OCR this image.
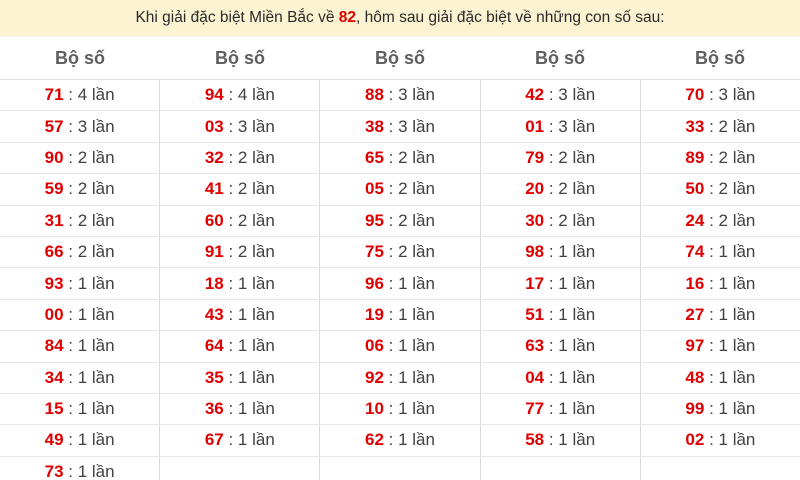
Khi giải đặc biệt Miền Bắc về 82 , hôm sau giải đặc biệt về những con số sau:
Bộ số	Bộ số	Bộ số	Bộ số	Bộ số
71 : 4 lần	94 : 4 lần	88 : 3 lần	42 : 3 lần	70 : 3 lần
57 : 3 lần	03 : 3 lần	38 : 3 lần	01 : 3 lần	33 : 2 lần
90 : 2 lần	32 : 2 lần	65 : 2 lần	79 : 2 lần	89 : 2 lần
59 : 2 lần	41 : 2 lần	05 : 2 lần	20 : 2 lần	50 : 2 lần
31 : 2 lần	60 : 2 lần	95 : 2 lần	30 : 2 lần	24 : 2 lần
66 : 2 lần	91 : 2 lần	75 : 2 lần	98 : 1 lần	74 : 1 lần
93 : 1 lần	18 : 1 lần	96 : 1 lần	17 : 1 lần	16 : 1 lần
00 : 1 lần	43 : 1 lần	19 : 1 lần	51 : 1 lần	27 : 1 lần
84 : 1 lần	64 : 1 lần	06 : 1 lần	63 : 1 lần	97 : 1 lần
34 : 1 lần	35 : 1 lần	92 : 1 lần	04 : 1 lần	48 : 1 lần
15 : 1 lần	36 : 1 lần	10 : 1 lần	77 : 1 lần	99 : 1 lần
49 : 1 lần	67 : 1 lần	62 : 1 lần	58 : 1 lần	02 : 1 lần
73 : 1 lần
